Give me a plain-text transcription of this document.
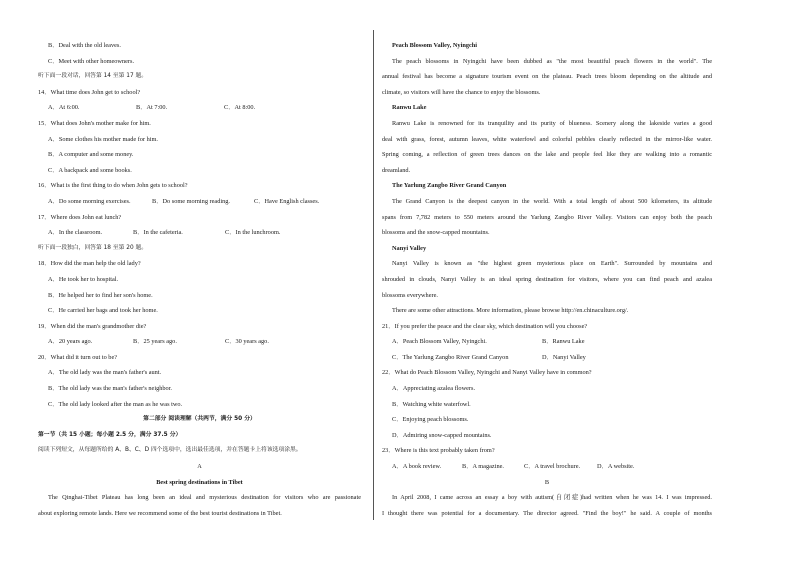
B．Deal with the old leaves.
C．Meet with other homeowners.
听下面一段对话，回答第 14 至第 17 题。
14．What time does John get to school?
A．At 6:00.	B．At 7:00.	C．At 8:00.
15．What does John's mother make for him.
A．Some clothes his mother made for him.
B．A computer and some money.
C．A backpack and some books.
16．What is the first thing to do when John gets to school?
A．Do some morning exercises.	B．Do some morning reading.	C．Have English classes.
17．Where does John eat lunch?
A．In the classroom.	B．In the cafeteria.	C．In the lunchroom.
听下面一段独白，回答第 18 至第 20 题。
18．How did the man help the old lady?
A．He took her to hospital.
B．He helped her to find her son's home.
C．He carried her bags and took her home.
19．When did the man's grandmother die?
A．20 years ago.	B．25 years ago.	C．30 years ago.
20．What did it turn out to be?
A．The old lady was the man's father's aunt.
B．The old lady was the man's father's neighbor.
C．The old lady looked after the man as he was two.
第二部分 阅读理解（共两节，满分 50 分）
第一节（共 15 小题；每小题 2.5 分，满分 37.5 分）
阅读下列短文，从每题所给的 A、B、C、D 四个选项中，选出最佳选项，并在答题卡上将该选项涂黑。
A
Best spring destinations in Tibet
The Qinghai-Tibet Plateau has long been an ideal and mysterious destination for visitors who are passionate
about exploring remote lands. Here we recommend some of the best tourist destinations in Tibet.
Peach Blossom Valley, Nyingchi
The peach blossoms in Nyingchi have been dubbed as "the most beautiful peach flowers in the world". The
annual festival has become a signature tourism event on the plateau. Peach trees bloom depending on the altitude and
climate, so visitors will have the chance to enjoy the blossoms.
Ranwu Lake
Ranwu Lake is renowned for its tranquility and its purity of blueness. Scenery along the lakeside varies a good
deal with grass, forest, autumn leaves, white waterfowl and colorful pebbles clearly reflected in the mirror-like water.
Spring coming, a reflection of green trees dances on the lake and people feel like they are walking into a romantic
dreamland.
The Yarlung Zangbo River Grand Canyon
The Grand Canyon is the deepest canyon in the world. With a total length of about 500 kilometers, its altitude
spans from 7,782 meters to 550 meters around the Yarlung Zangbo River Valley. Visitors can enjoy both the peach
blossoms and the snow-capped mountains.
Nanyi Valley
Nanyi Valley is known as "the highest green mysterious place on Earth". Surrounded by mountains and
shrouded in clouds, Nanyi Valley is an ideal spring destination for visitors, where you can find peach and azalea
blossoms everywhere.
There are some other attractions. More information, please browse http://en.chinaculture.org/.
21．If you prefer the peace and the clear sky, which destination will you choose?
A．Peach Blossom Valley, Nyingchi.	B．Ranwu Lake
C．The Yarlung Zangbo River Grand Canyon	D．Nanyi Valley
22．What do Peach Blossom Valley, Nyingchi and Nanyi Valley have in common?
A．Appreciating azalea flowers.
B．Watching white waterfowl.
C．Enjoying peach blossoms.
D．Admiring snow-capped mountains.
23．Where is this text probably taken from?
A．A book review.	B．A magazine.	C．A travel brochure.	D．A website.
B
In April 2008, I came across an essay a boy with autism(自闭症)had written when he was 14. I was impressed.
I thought there was potential for a documentary. The director agreed. "Find the boy!" he said. A couple of months
